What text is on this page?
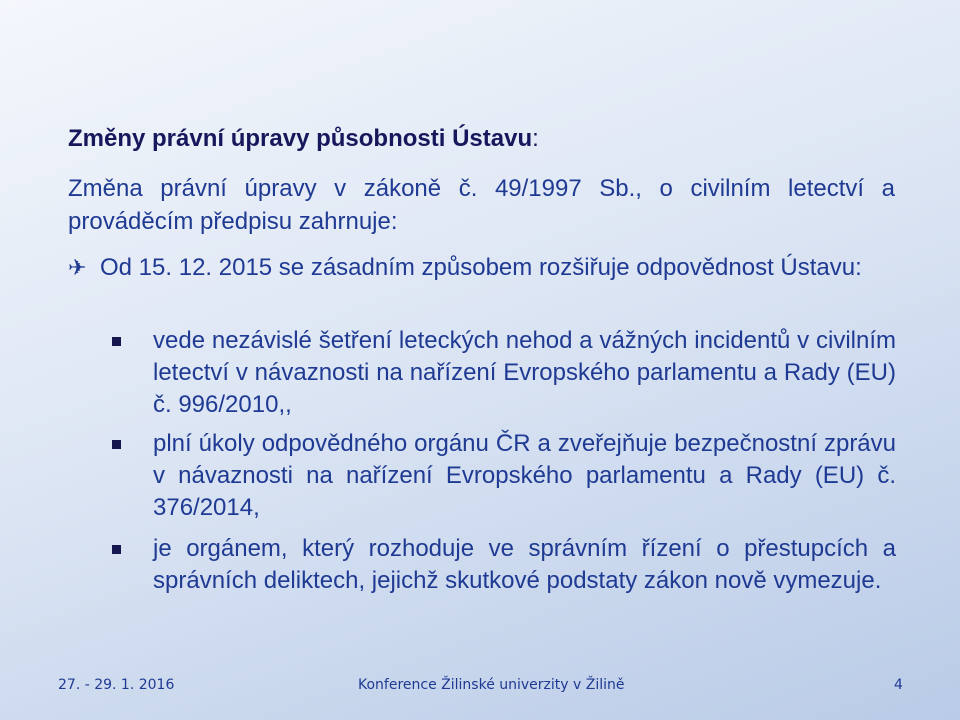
Změny právní úpravy působnosti Ústavu:
Změna právní úpravy v zákoně č. 49/1997 Sb., o civilním letectví a prováděcím předpisu zahrnuje:
✈ Od 15. 12. 2015 se zásadním způsobem rozšiřuje odpovědnost Ústavu:
vede nezávislé šetření leteckých nehod a vážných incidentů v civilním letectví v návaznosti na nařízení Evropského parlamentu a Rady (EU) č. 996/2010,,
plní úkoly odpovědného orgánu ČR a zveřejňuje bezpečnostní zprávu v návaznosti na nařízení Evropského parlamentu a Rady (EU) č. 376/2014,
je orgánem, který rozhoduje ve správním řízení o přestupcích a správních deliktech, jejichž skutkové podstaty zákon nově vymezuje.
27. - 29. 1. 2016	Konference Žilinské univerzity v Žilině	4
